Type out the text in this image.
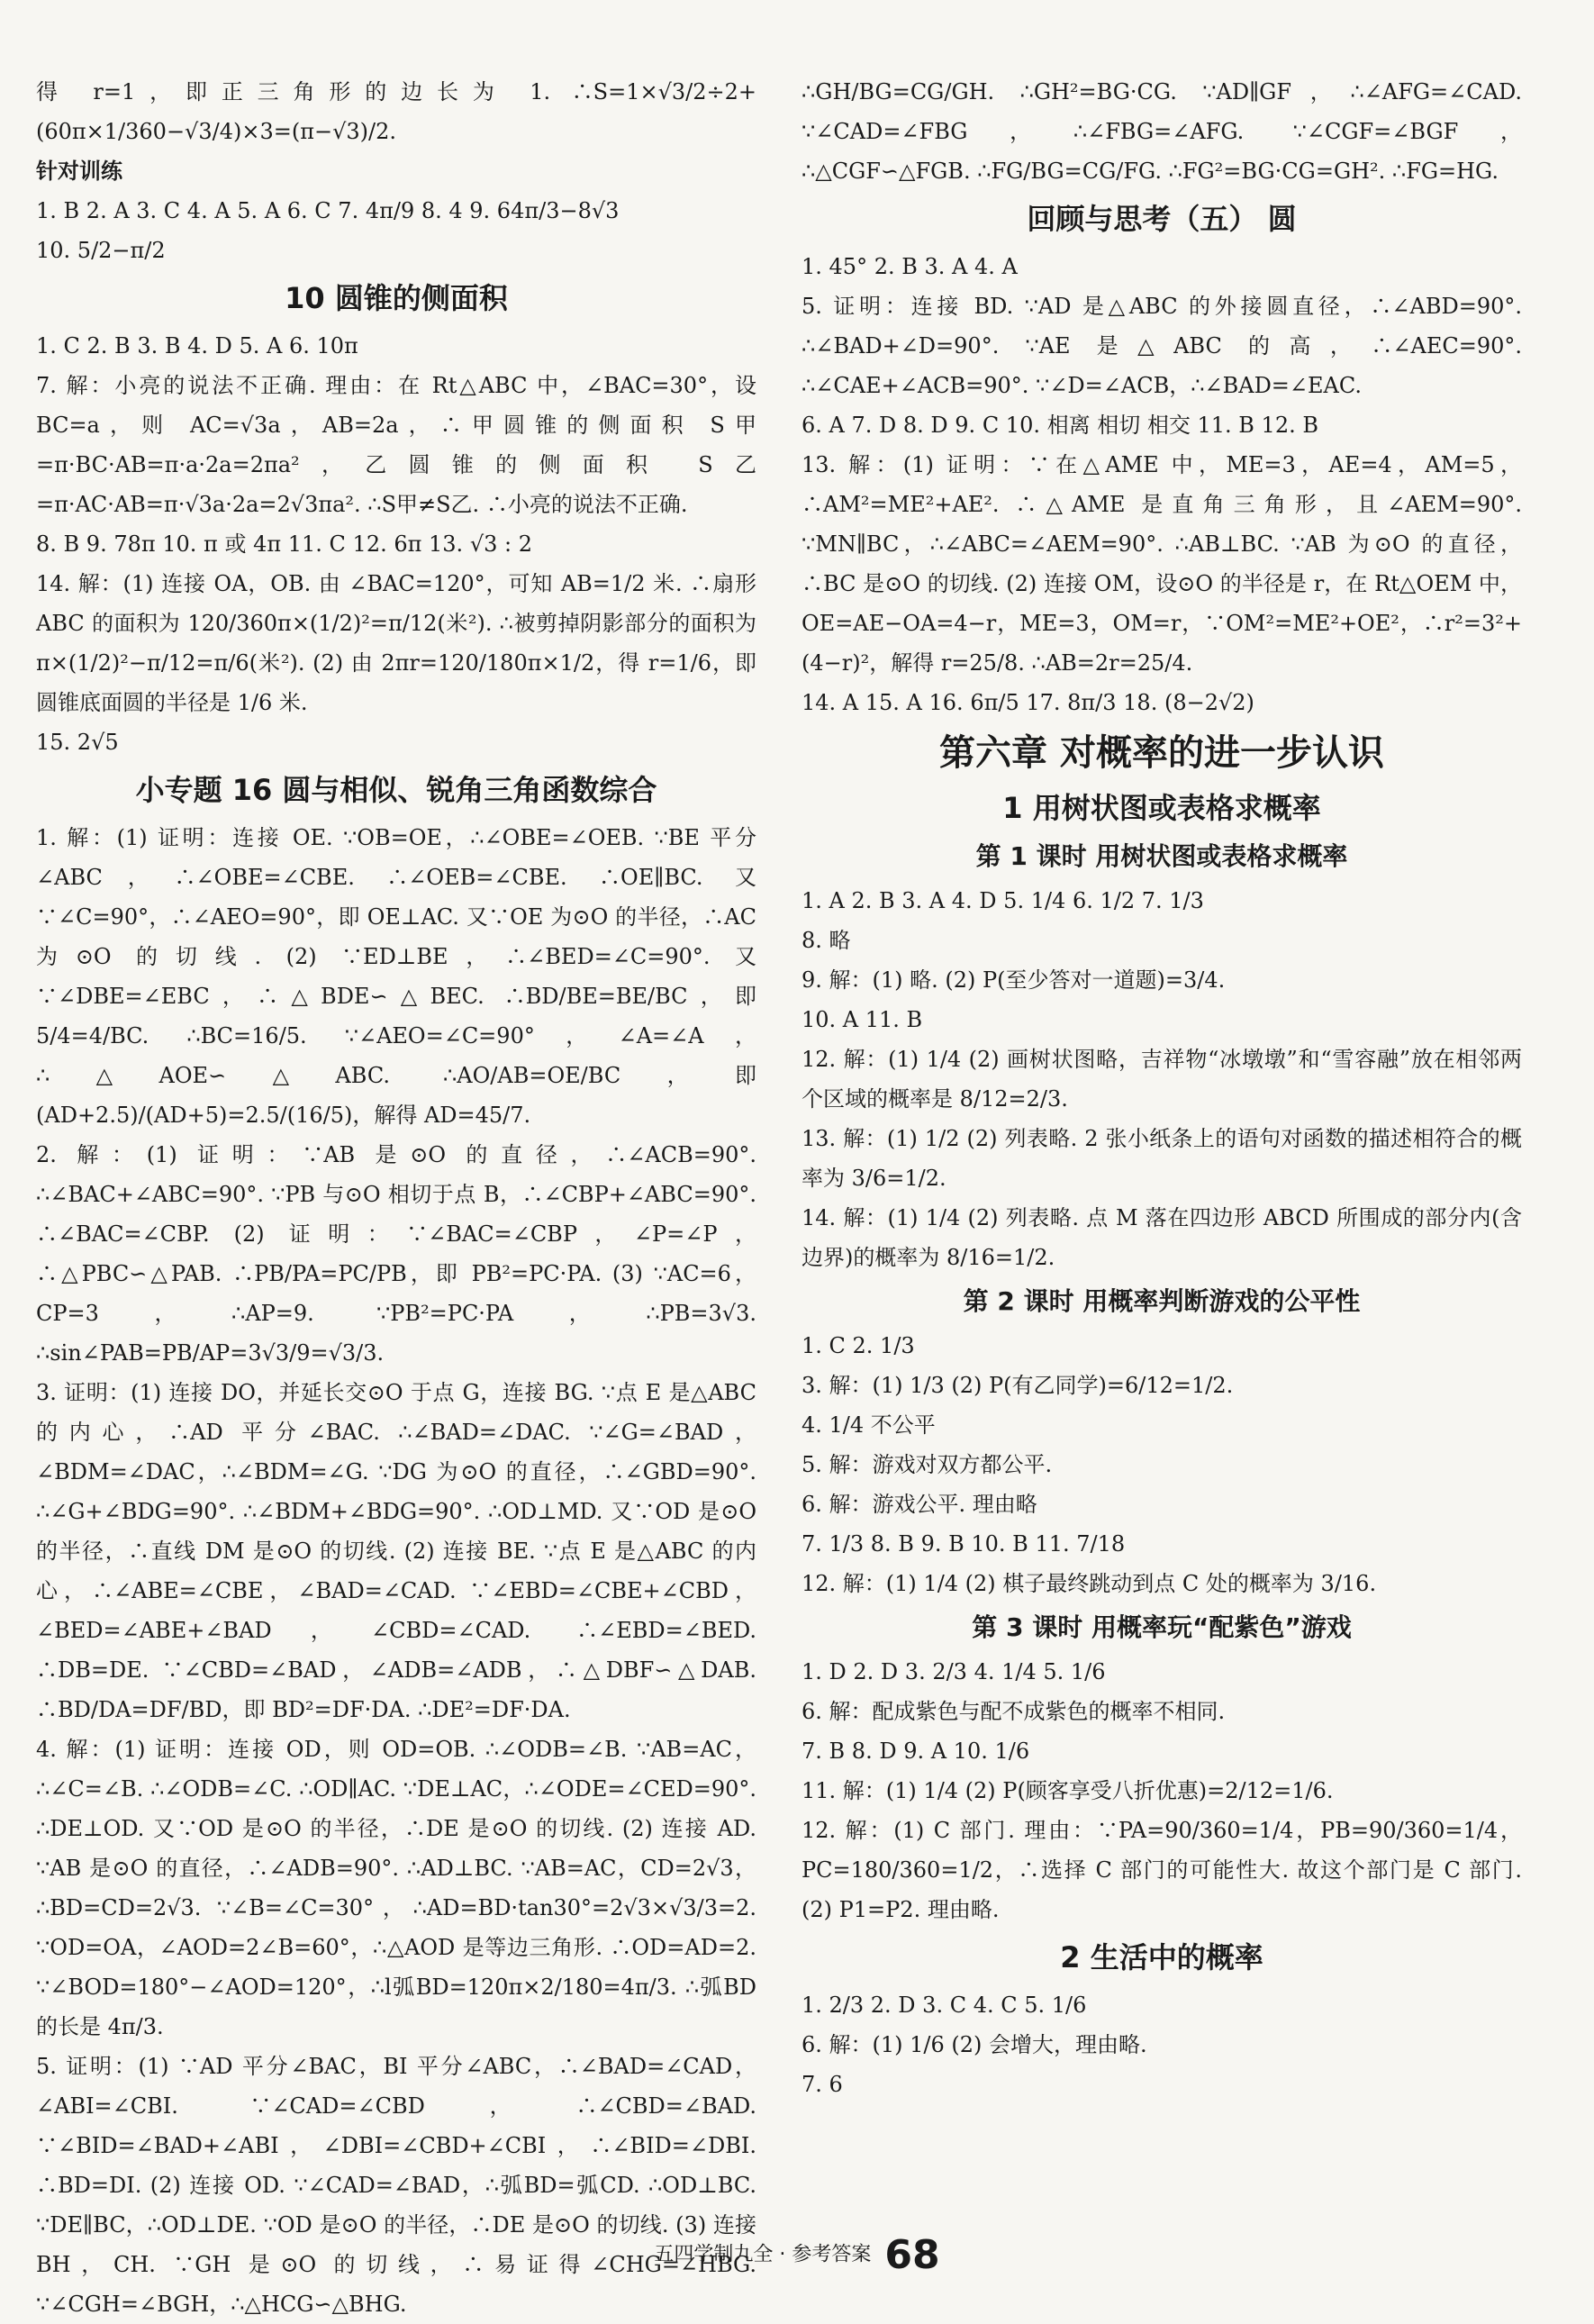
得 r=1，即正三角形的边长为 1. ∴S=1×√3/2÷2+(60π×1/360−√3/4)×3=(π−√3)/2.
针对训练
1. B 2. A 3. C 4. A 5. A 6. C 7. 4π/9 8. 4 9. 64π/3−8√3
10. 5/2−π/2
10 圆锥的侧面积
1. C 2. B 3. B 4. D 5. A 6. 10π
7. 解：小亮的说法不正确. 理由：在 Rt△ABC 中，∠BAC=30°，设 BC=a，则 AC=√3a，AB=2a，∴甲圆锥的侧面积 S甲=π·BC·AB=π·a·2a=2πa²，乙圆锥的侧面积 S乙=π·AC·AB=π·√3a·2a=2√3πa². ∴S甲≠S乙. ∴小亮的说法不正确.
8. B 9. 78π 10. π 或 4π 11. C 12. 6π 13. √3 : 2
14. 解：(1) 连接 OA，OB. 由 ∠BAC=120°，可知 AB=1/2 米. ∴扇形 ABC 的面积为 120/360π×(1/2)²=π/12(米²). ∴被剪掉阴影部分的面积为 π×(1/2)²−π/12=π/6(米²). (2) 由 2πr=120/180π×1/2，得 r=1/6，即圆锥底面圆的半径是 1/6 米.
15. 2√5
小专题 16 圆与相似、锐角三角函数综合
1. 解：(1) 证明：连接 OE. ∵OB=OE，∴∠OBE=∠OEB. ∵BE 平分∠ABC，∴∠OBE=∠CBE. ∴∠OEB=∠CBE. ∴OE∥BC. 又∵∠C=90°，∴∠AEO=90°，即 OE⊥AC. 又∵OE 为⊙O 的半径，∴AC 为⊙O 的切线. (2) ∵ED⊥BE，∴∠BED=∠C=90°. 又∵∠DBE=∠EBC，∴△BDE∽△BEC. ∴BD/BE=BE/BC，即 5/4=4/BC. ∴BC=16/5. ∵∠AEO=∠C=90°，∠A=∠A，∴△AOE∽△ABC. ∴AO/AB=OE/BC，即 (AD+2.5)/(AD+5)=2.5/(16/5)，解得 AD=45/7.
2. 解：(1) 证明：∵AB 是⊙O 的直径，∴∠ACB=90°. ∴∠BAC+∠ABC=90°. ∵PB 与⊙O 相切于点 B，∴∠CBP+∠ABC=90°. ∴∠BAC=∠CBP. (2) 证明：∵∠BAC=∠CBP，∠P=∠P，∴△PBC∽△PAB. ∴PB/PA=PC/PB，即 PB²=PC·PA. (3) ∵AC=6，CP=3，∴AP=9. ∵PB²=PC·PA，∴PB=3√3. ∴sin∠PAB=PB/AP=3√3/9=√3/3.
3. 证明：(1) 连接 DO，并延长交⊙O 于点 G，连接 BG. ∵点 E 是△ABC 的内心，∴AD 平分∠BAC. ∴∠BAD=∠DAC. ∵∠G=∠BAD，∠BDM=∠DAC，∴∠BDM=∠G. ∵DG 为⊙O 的直径，∴∠GBD=90°. ∴∠G+∠BDG=90°. ∴∠BDM+∠BDG=90°. ∴OD⊥MD. 又∵OD 是⊙O 的半径，∴直线 DM 是⊙O 的切线. (2) 连接 BE. ∵点 E 是△ABC 的内心，∴∠ABE=∠CBE，∠BAD=∠CAD. ∵∠EBD=∠CBE+∠CBD，∠BED=∠ABE+∠BAD，∠CBD=∠CAD. ∴∠EBD=∠BED. ∴DB=DE. ∵∠CBD=∠BAD，∠ADB=∠ADB，∴△DBF∽△DAB. ∴BD/DA=DF/BD，即 BD²=DF·DA. ∴DE²=DF·DA.
4. 解：(1) 证明：连接 OD，则 OD=OB. ∴∠ODB=∠B. ∵AB=AC，∴∠C=∠B. ∴∠ODB=∠C. ∴OD∥AC. ∵DE⊥AC，∴∠ODE=∠CED=90°. ∴DE⊥OD. 又∵OD 是⊙O 的半径，∴DE 是⊙O 的切线. (2) 连接 AD. ∵AB 是⊙O 的直径，∴∠ADB=90°. ∴AD⊥BC. ∵AB=AC，CD=2√3，∴BD=CD=2√3. ∵∠B=∠C=30°，∴AD=BD·tan30°=2√3×√3/3=2. ∵OD=OA，∠AOD=2∠B=60°，∴△AOD 是等边三角形. ∴OD=AD=2. ∵∠BOD=180°−∠AOD=120°，∴l弧BD=120π×2/180=4π/3. ∴弧BD 的长是 4π/3.
5. 证明：(1) ∵AD 平分∠BAC，BI 平分∠ABC，∴∠BAD=∠CAD，∠ABI=∠CBI. ∵∠CAD=∠CBD，∴∠CBD=∠BAD. ∵∠BID=∠BAD+∠ABI，∠DBI=∠CBD+∠CBI，∴∠BID=∠DBI. ∴BD=DI. (2) 连接 OD. ∵∠CAD=∠BAD，∴弧BD=弧CD. ∴OD⊥BC. ∵DE∥BC，∴OD⊥DE. ∵OD 是⊙O 的半径，∴DE 是⊙O 的切线. (3) 连接 BH，CH. ∵GH 是⊙O 的切线，∴易证得∠CHG=∠HBG. ∵∠CGH=∠BGH，∴△HCG∽△BHG.
∴GH/BG=CG/GH. ∴GH²=BG·CG. ∵AD∥GF，∴∠AFG=∠CAD. ∵∠CAD=∠FBG，∴∠FBG=∠AFG. ∵∠CGF=∠BGF，∴△CGF∽△FGB. ∴FG/BG=CG/FG. ∴FG²=BG·CG=GH². ∴FG=HG.
回顾与思考（五） 圆
1. 45° 2. B 3. A 4. A
5. 证明：连接 BD. ∵AD 是△ABC 的外接圆直径，∴∠ABD=90°. ∴∠BAD+∠D=90°. ∵AE 是△ABC 的高，∴∠AEC=90°. ∴∠CAE+∠ACB=90°. ∵∠D=∠ACB，∴∠BAD=∠EAC.
6. A 7. D 8. D 9. C 10. 相离 相切 相交 11. B 12. B
13. 解：(1) 证明：∵在△AME 中，ME=3，AE=4，AM=5，∴AM²=ME²+AE². ∴△AME 是直角三角形，且∠AEM=90°. ∵MN∥BC，∴∠ABC=∠AEM=90°. ∴AB⊥BC. ∵AB 为⊙O 的直径，∴BC 是⊙O 的切线. (2) 连接 OM，设⊙O 的半径是 r，在 Rt△OEM 中，OE=AE−OA=4−r，ME=3，OM=r，∵OM²=ME²+OE²，∴r²=3²+(4−r)²，解得 r=25/8. ∴AB=2r=25/4.
14. A 15. A 16. 6π/5 17. 8π/3 18. (8−2√2)
第六章 对概率的进一步认识
1 用树状图或表格求概率
第 1 课时 用树状图或表格求概率
1. A 2. B 3. A 4. D 5. 1/4 6. 1/2 7. 1/3
8. 略
9. 解：(1) 略. (2) P(至少答对一道题)=3/4.
10. A 11. B
12. 解：(1) 1/4 (2) 画树状图略，吉祥物“冰墩墩”和“雪容融”放在相邻两个区域的概率是 8/12=2/3.
13. 解：(1) 1/2 (2) 列表略. 2 张小纸条上的语句对函数的描述相符合的概率为 3/6=1/2.
14. 解：(1) 1/4 (2) 列表略. 点 M 落在四边形 ABCD 所围成的部分内(含边界)的概率为 8/16=1/2.
第 2 课时 用概率判断游戏的公平性
1. C 2. 1/3
3. 解：(1) 1/3 (2) P(有乙同学)=6/12=1/2.
4. 1/4 不公平
5. 解：游戏对双方都公平.
6. 解：游戏公平. 理由略
7. 1/3 8. B 9. B 10. B 11. 7/18
12. 解：(1) 1/4 (2) 棋子最终跳动到点 C 处的概率为 3/16.
第 3 课时 用概率玩“配紫色”游戏
1. D 2. D 3. 2/3 4. 1/4 5. 1/6
6. 解：配成紫色与配不成紫色的概率不相同.
7. B 8. D 9. A 10. 1/6
11. 解：(1) 1/4 (2) P(顾客享受八折优惠)=2/12=1/6.
12. 解：(1) C 部门. 理由：∵PA=90/360=1/4，PB=90/360=1/4，PC=180/360=1/2，∴选择 C 部门的可能性大. 故这个部门是 C 部门. (2) P1=P2. 理由略.
2 生活中的概率
1. 2/3 2. D 3. C 4. C 5. 1/6
6. 解：(1) 1/6 (2) 会增大，理由略.
7. 6
五四学制九全 · 参考答案 68
